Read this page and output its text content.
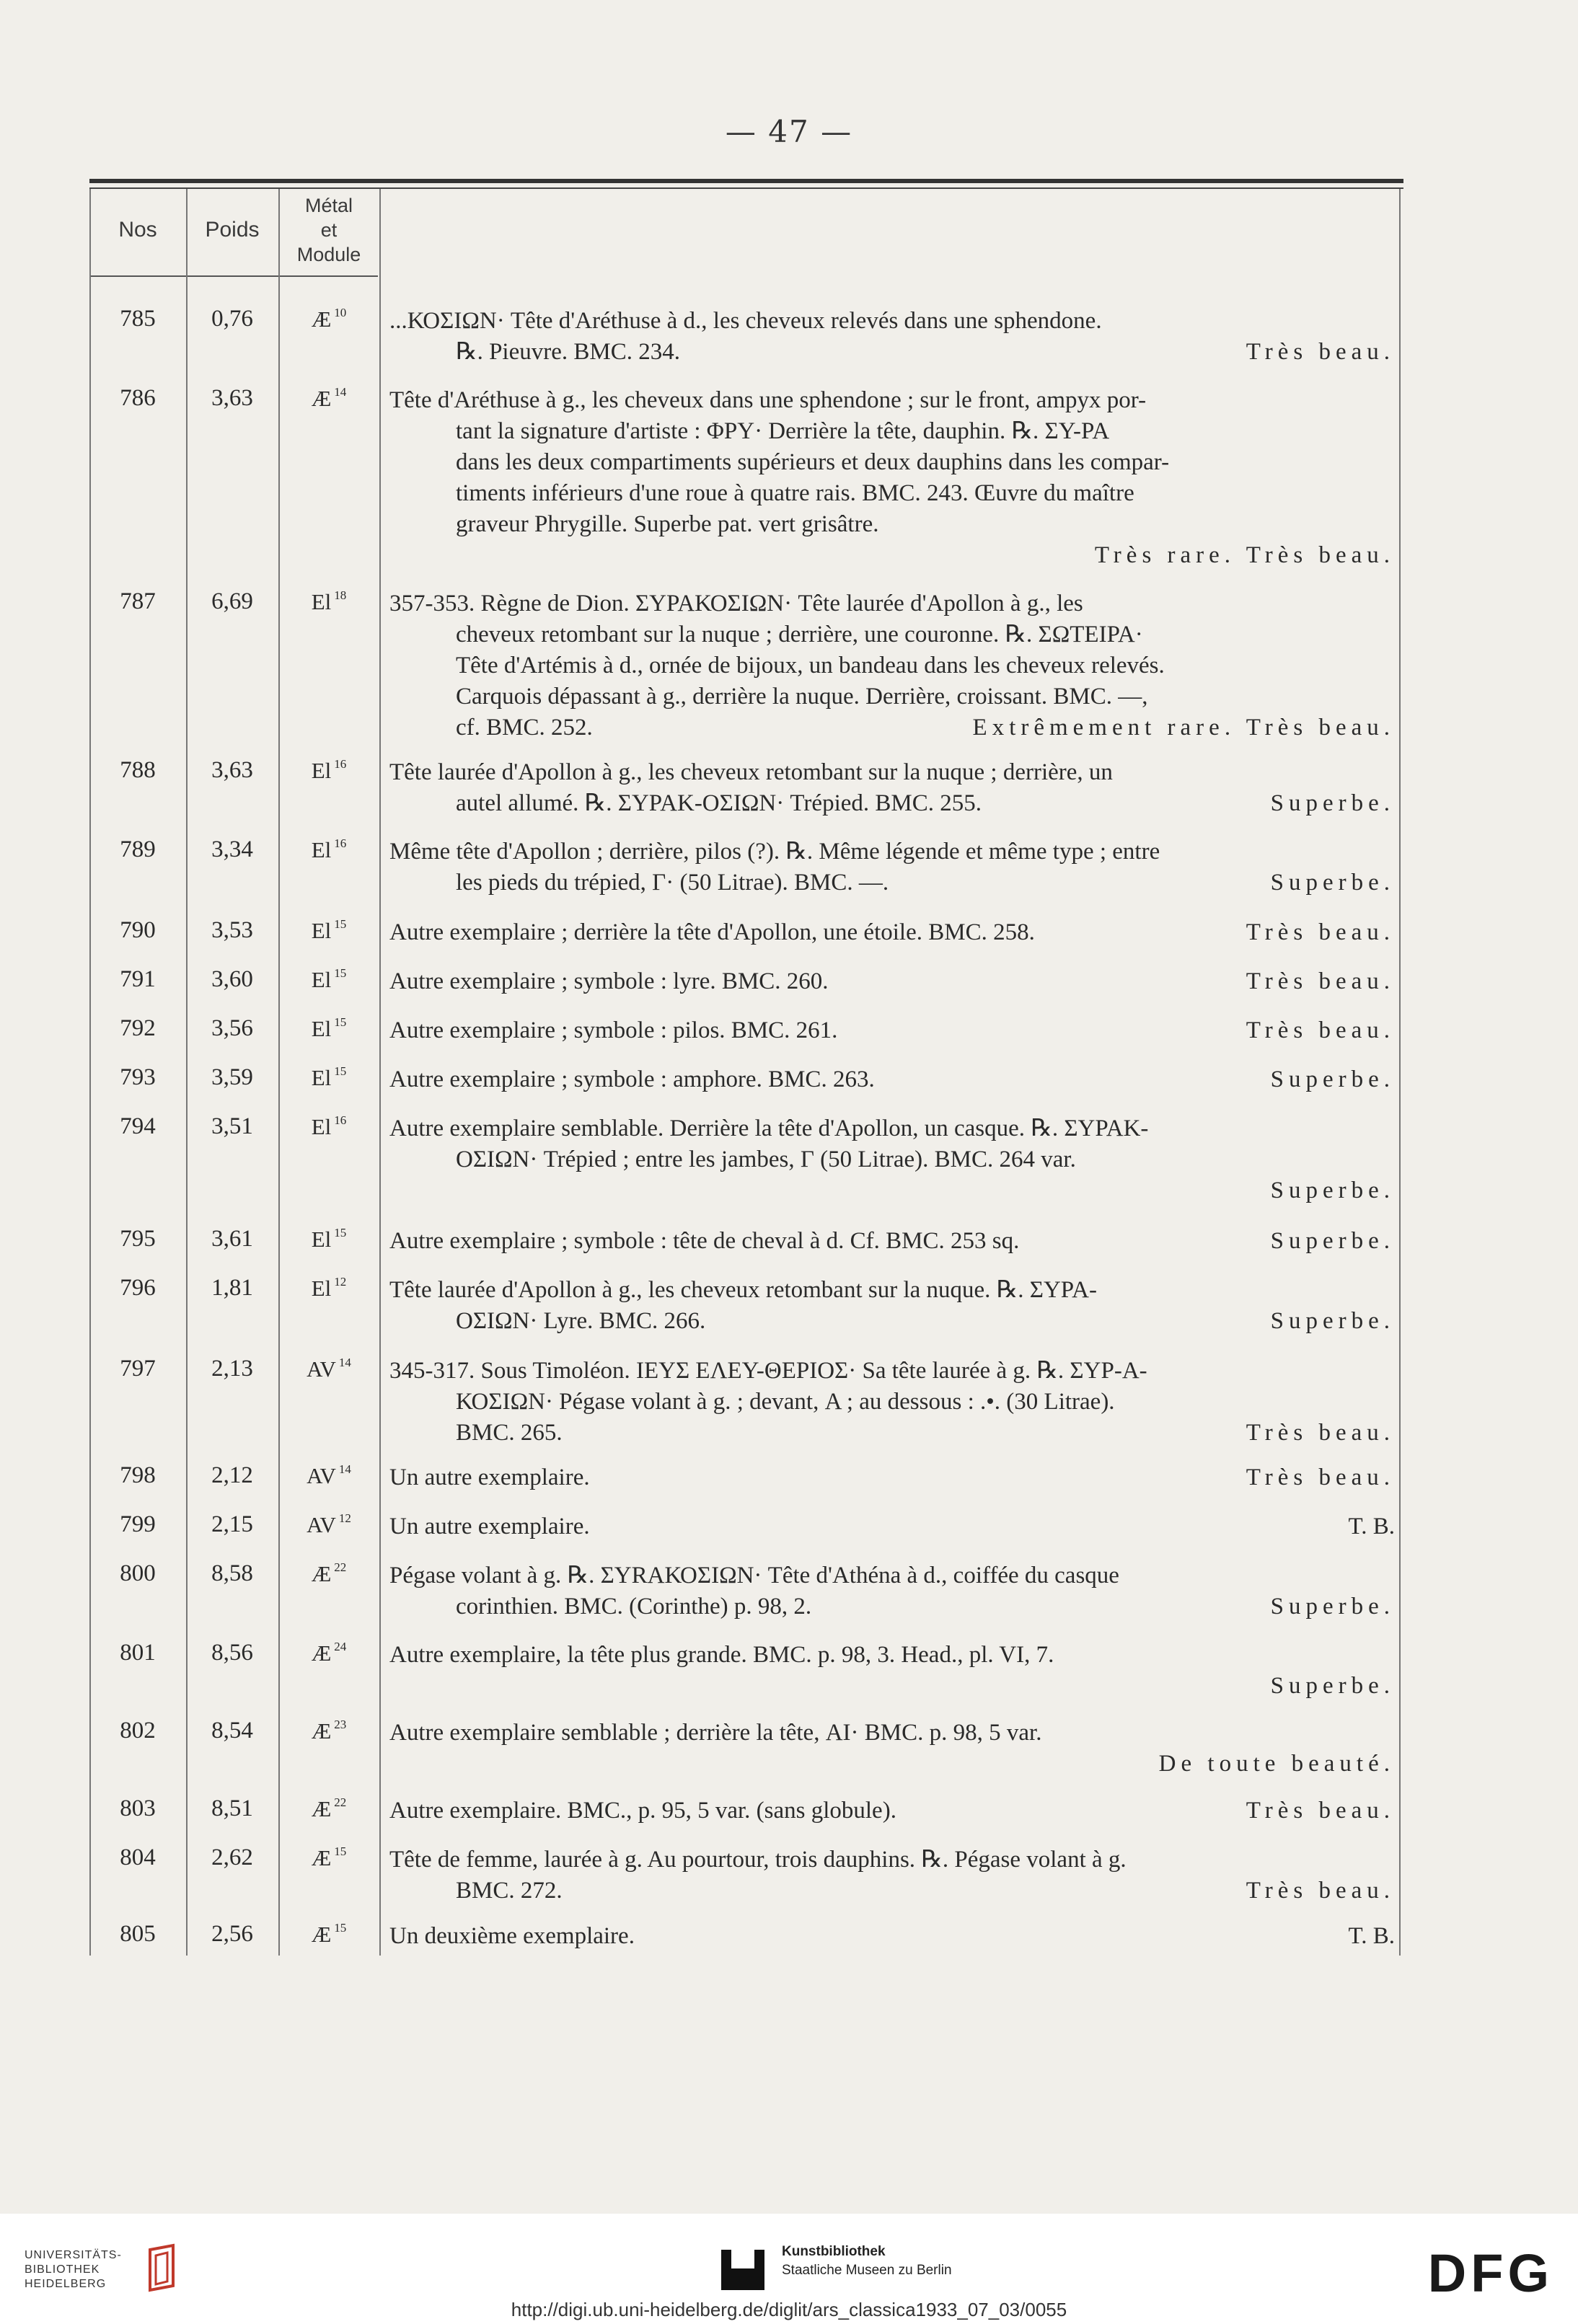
— 47 —
Nos	Poids
Métal
et
Module
785	0,76	Æ $^{10}$	...ΚΟΣΙΩΝ· Tête d'Aréthuse à d., les cheveux relevés dans une sphendone.
℞. Pieuvre. BMC. 234.	Très beau.
786	3,63	Æ $^{14}$	Tête d'Aréthuse à g., les cheveux dans une sphendone ; sur le front, ampyx por-
tant la signature d'artiste : ΦΡΥ· Derrière la tête, dauphin. ℞. ΣΥ-ΡΑ
dans les deux compartiments supérieurs et deux dauphins dans les compar-
timents inférieurs d'une roue à quatre rais. BMC. 243. Œuvre du maître
graveur Phrygille. Superbe pat. vert grisâtre.
Très rare. Très beau.
787	6,69	El $^{18}$	357-353. Règne de Dion. ΣΥΡΑΚΟΣΙΩΝ· Tête laurée d'Apollon à g., les
cheveux retombant sur la nuque ; derrière, une couronne. ℞. ΣΩΤΕΙΡΑ·
Tête d'Artémis à d., ornée de bijoux, un bandeau dans les cheveux relevés.
Carquois dépassant à g., derrière la nuque. Derrière, croissant. BMC. —,
cf. BMC. 252.	Extrêmement rare. Très beau.
788	3,63	El $^{16}$	Tête laurée d'Apollon à g., les cheveux retombant sur la nuque ; derrière, un
autel allumé. ℞. ΣΥΡΑΚ-ΟΣΙΩΝ· Trépied. BMC. 255.	Superbe.
789	3,34	El $^{16}$	Même tête d'Apollon ; derrière, pilos (?). ℞. Même légende et même type ; entre
les pieds du trépied, Γ· (50 Litrae). BMC. —.	Superbe.
790	3,53	El $^{15}$	Autre exemplaire ; derrière la tête d'Apollon, une étoile. BMC. 258.	Très beau.
791	3,60	El $^{15}$	Autre exemplaire ; symbole : lyre. BMC. 260.	Très beau.
792	3,56	El $^{15}$	Autre exemplaire ; symbole : pilos. BMC. 261.	Très beau.
793	3,59	El $^{15}$	Autre exemplaire ; symbole : amphore. BMC. 263.	Superbe.
794	3,51	El $^{16}$	Autre exemplaire semblable. Derrière la tête d'Apollon, un casque. ℞. ΣΥΡΑΚ-
ΟΣΙΩΝ· Trépied ; entre les jambes, Γ (50 Litrae). BMC. 264 var.
Superbe.
795	3,61	El $^{15}$	Autre exemplaire ; symbole : tête de cheval à d. Cf. BMC. 253 sq.	Superbe.
796	1,81	El $^{12}$	Tête laurée d'Apollon à g., les cheveux retombant sur la nuque. ℞. ΣΥΡΑ-
ΟΣΙΩΝ· Lyre. BMC. 266.	Superbe.
797	2,13	AV $^{14}$	345-317. Sous Timoléon. ΙΕΥΣ ΕΛΕΥ-ΘΕΡΙΟΣ· Sa tête laurée à g. ℞. ΣΥΡ-Α-
ΚΟΣΙΩΝ· Pégase volant à g. ; devant, Α ; au dessous : .•. (30 Litrae).
BMC. 265.	Très beau.
798	2,12	AV $^{14}$	Un autre exemplaire.	Très beau.
799	2,15	AV $^{12}$	Un autre exemplaire.	T. B.
800	8,58	Æ $^{22}$	Pégase volant à g. ℞. ΣΥRΑΚΟΣΙΩΝ· Tête d'Athéna à d., coiffée du casque
corinthien. BMC. (Corinthe) p. 98, 2.	Superbe.
801	8,56	Æ $^{24}$	Autre exemplaire, la tête plus grande. BMC. p. 98, 3. Head., pl. VI, 7.
Superbe.
802	8,54	Æ $^{23}$	Autre exemplaire semblable ; derrière la tête, ΑΙ· BMC. p. 98, 5 var.
De toute beauté.
803	8,51	Æ $^{22}$	Autre exemplaire. BMC., p. 95, 5 var. (sans globule).	Très beau.
804	2,62	Æ $^{15}$	Tête de femme, laurée à g. Au pourtour, trois dauphins. ℞. Pégase volant à g.
BMC. 272.	Très beau.
805	2,56	Æ $^{15}$	Un deuxième exemplaire.	T. B.
UNIVERSITÄTS-
BIBLIOTHEK
HEIDELBERG
Kunstbibliothek
Staatliche Museen zu Berlin	DFG
http://digi.ub.uni-heidelberg.de/diglit/ars_classica1933_07_03/0055
